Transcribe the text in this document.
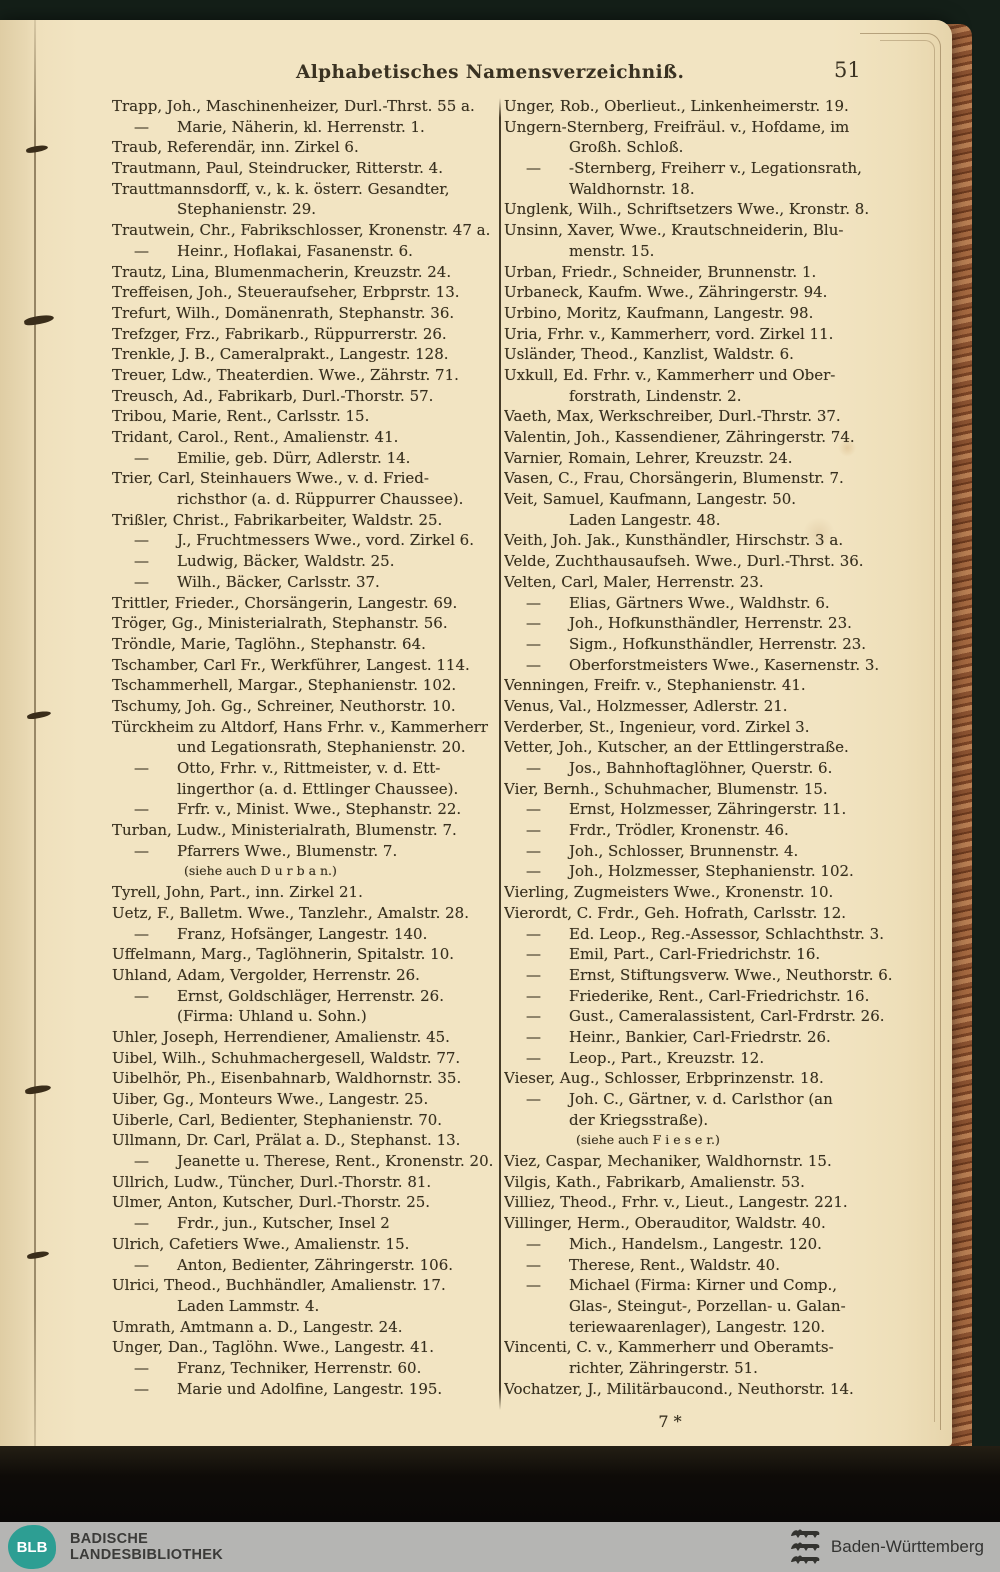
Alphabetisches Namensverzeichniß.	51
Trapp, Joh., Maschinenheizer, Durl.-Thrst. 55 a.
— Marie, Näherin, kl. Herrenstr. 1.
Traub, Referendär, inn. Zirkel 6.
Trautmann, Paul, Steindrucker, Ritterstr. 4.
Trauttmannsdorff, v., k. k. österr. Gesandter,
Stephanienstr. 29.
Trautwein, Chr., Fabrikschlosser, Kronenstr. 47 a.
— Heinr., Hoflakai, Fasanenstr. 6.
Trautz, Lina, Blumenmacherin, Kreuzstr. 24.
Treffeisen, Joh., Steueraufseher, Erbprstr. 13.
Trefurt, Wilh., Domänenrath, Stephanstr. 36.
Trefzger, Frz., Fabrikarb., Rüppurrerstr. 26.
Trenkle, J. B., Cameralprakt., Langestr. 128.
Treuer, Ldw., Theaterdien. Wwe., Zährstr. 71.
Treusch, Ad., Fabrikarb, Durl.-Thorstr. 57.
Tribou, Marie, Rent., Carlsstr. 15.
Tridant, Carol., Rent., Amalienstr. 41.
— Emilie, geb. Dürr, Adlerstr. 14.
Trier, Carl, Steinhauers Wwe., v. d. Fried-
richsthor (a. d. Rüppurrer Chaussee).
Trißler, Christ., Fabrikarbeiter, Waldstr. 25.
— J., Fruchtmessers Wwe., vord. Zirkel 6.
— Ludwig, Bäcker, Waldstr. 25.
— Wilh., Bäcker, Carlsstr. 37.
Trittler, Frieder., Chorsängerin, Langestr. 69.
Tröger, Gg., Ministerialrath, Stephanstr. 56.
Tröndle, Marie, Taglöhn., Stephanstr. 64.
Tschamber, Carl Fr., Werkführer, Langest. 114.
Tschammerhell, Margar., Stephanienstr. 102.
Tschumy, Joh. Gg., Schreiner, Neuthorstr. 10.
Türckheim zu Altdorf, Hans Frhr. v., Kammerherr
und Legationsrath, Stephanienstr. 20.
— Otto, Frhr. v., Rittmeister, v. d. Ett-
lingerthor (a. d. Ettlinger Chaussee).
— Frfr. v., Minist. Wwe., Stephanstr. 22.
Turban, Ludw., Ministerialrath, Blumenstr. 7.
— Pfarrers Wwe., Blumenstr. 7.
(siehe auch D u r b a n.)
Tyrell, John, Part., inn. Zirkel 21.
Uetz, F., Balletm. Wwe., Tanzlehr., Amalstr. 28.
— Franz, Hofsänger, Langestr. 140.
Uffelmann, Marg., Taglöhnerin, Spitalstr. 10.
Uhland, Adam, Vergolder, Herrenstr. 26.
— Ernst, Goldschläger, Herrenstr. 26.
(Firma: Uhland u. Sohn.)
Uhler, Joseph, Herrendiener, Amalienstr. 45.
Uibel, Wilh., Schuhmachergesell, Waldstr. 77.
Uibelhör, Ph., Eisenbahnarb, Waldhornstr. 35.
Uiber, Gg., Monteurs Wwe., Langestr. 25.
Uiberle, Carl, Bedienter, Stephanienstr. 70.
Ullmann, Dr. Carl, Prälat a. D., Stephanst. 13.
— Jeanette u. Therese, Rent., Kronenstr. 20.
Ullrich, Ludw., Tüncher, Durl.-Thorstr. 81.
Ulmer, Anton, Kutscher, Durl.-Thorstr. 25.
— Frdr., jun., Kutscher, Insel 2
Ulrich, Cafetiers Wwe., Amalienstr. 15.
— Anton, Bedienter, Zähringerstr. 106.
Ulrici, Theod., Buchhändler, Amalienstr. 17.
Laden Lammstr. 4.
Umrath, Amtmann a. D., Langestr. 24.
Unger, Dan., Taglöhn. Wwe., Langestr. 41.
— Franz, Techniker, Herrenstr. 60.
— Marie und Adolfine, Langestr. 195.
Unger, Rob., Oberlieut., Linkenheimerstr. 19.
Ungern-Sternberg, Freifräul. v., Hofdame, im
Großh. Schloß.
— -Sternberg, Freiherr v., Legationsrath,
Waldhornstr. 18.
Unglenk, Wilh., Schriftsetzers Wwe., Kronstr. 8.
Unsinn, Xaver, Wwe., Krautschneiderin, Blu-
menstr. 15.
Urban, Friedr., Schneider, Brunnenstr. 1.
Urbaneck, Kaufm. Wwe., Zähringerstr. 94.
Urbino, Moritz, Kaufmann, Langestr. 98.
Uria, Frhr. v., Kammerherr, vord. Zirkel 11.
Usländer, Theod., Kanzlist, Waldstr. 6.
Uxkull, Ed. Frhr. v., Kammerherr und Ober-
forstrath, Lindenstr. 2.
Vaeth, Max, Werkschreiber, Durl.-Thrstr. 37.
Valentin, Joh., Kassendiener, Zähringerstr. 74.
Varnier, Romain, Lehrer, Kreuzstr. 24.
Vasen, C., Frau, Chorsängerin, Blumenstr. 7.
Veit, Samuel, Kaufmann, Langestr. 50.
Laden Langestr. 48.
Veith, Joh. Jak., Kunsthändler, Hirschstr. 3 a.
Velde, Zuchthausaufseh. Wwe., Durl.-Thrst. 36.
Velten, Carl, Maler, Herrenstr. 23.
— Elias, Gärtners Wwe., Waldhstr. 6.
— Joh., Hofkunsthändler, Herrenstr. 23.
— Sigm., Hofkunsthändler, Herrenstr. 23.
— Oberforstmeisters Wwe., Kasernenstr. 3.
Venningen, Freifr. v., Stephanienstr. 41.
Venus, Val., Holzmesser, Adlerstr. 21.
Verderber, St., Ingenieur, vord. Zirkel 3.
Vetter, Joh., Kutscher, an der Ettlingerstraße.
— Jos., Bahnhoftaglöhner, Querstr. 6.
Vier, Bernh., Schuhmacher, Blumenstr. 15.
— Ernst, Holzmesser, Zähringerstr. 11.
— Frdr., Trödler, Kronenstr. 46.
— Joh., Schlosser, Brunnenstr. 4.
— Joh., Holzmesser, Stephanienstr. 102.
Vierling, Zugmeisters Wwe., Kronenstr. 10.
Vierordt, C. Frdr., Geh. Hofrath, Carlsstr. 12.
— Ed. Leop., Reg.-Assessor, Schlachthstr. 3.
— Emil, Part., Carl-Friedrichstr. 16.
— Ernst, Stiftungsverw. Wwe., Neuthorstr. 6.
— Friederike, Rent., Carl-Friedrichstr. 16.
— Gust., Cameralassistent, Carl-Frdrstr. 26.
— Heinr., Bankier, Carl-Friedrstr. 26.
— Leop., Part., Kreuzstr. 12.
Vieser, Aug., Schlosser, Erbprinzenstr. 18.
— Joh. C., Gärtner, v. d. Carlsthor (an
der Kriegsstraße).
(siehe auch F i e s e r.)
Viez, Caspar, Mechaniker, Waldhornstr. 15.
Vilgis, Kath., Fabrikarb, Amalienstr. 53.
Villiez, Theod., Frhr. v., Lieut., Langestr. 221.
Villinger, Herm., Oberauditor, Waldstr. 40.
— Mich., Handelsm., Langestr. 120.
— Therese, Rent., Waldstr. 40.
— Michael (Firma: Kirner und Comp.,
Glas-, Steingut-, Porzellan- u. Galan-
teriewaarenlager), Langestr. 120.
Vincenti, C. v., Kammerherr und Oberamts-
richter, Zähringerstr. 51.
Vochatzer, J., Militärbaucond., Neuthorstr. 14.
7 *
BLB BADISCHE
LANDESBIBLIOTHEK	Baden-Württemberg
